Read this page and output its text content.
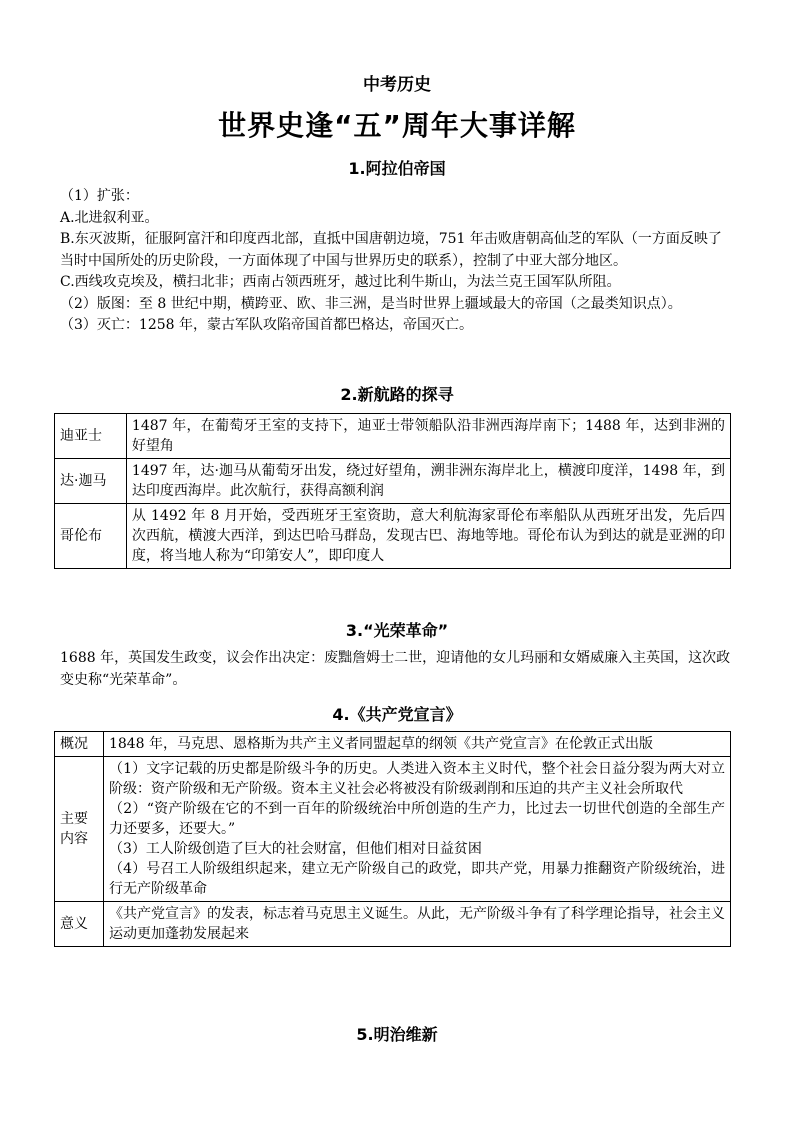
中考历史
世界史逢“五”周年大事详解
1.阿拉伯帝国

（1）扩张：

A.北进叙利亚。

B.东灭波斯，征服阿富汗和印度西北部，直抵中国唐朝边境，751 年击败唐朝高仙芝的军队（一方面反映了当时中国所处的历史阶段，一方面体现了中国与世界历史的联系），控制了中亚大部分地区。

C.西线攻克埃及，横扫北非；西南占领西班牙，越过比利牛斯山，为法兰克王国军队所阻。

（2）版图：至 8 世纪中期，横跨亚、欧、非三洲，是当时世界上疆域最大的帝国（之最类知识点）。

（3）灭亡：1258 年，蒙古军队攻陷帝国首都巴格达，帝国灭亡。

2.新航路的探寻
迪亚士	1487 年，在葡萄牙王室的支持下，迪亚士带领船队沿非洲西海岸南下；1488 年，达到非洲的好望角
达·迦马	1497 年，达·迦马从葡萄牙出发，绕过好望角，溯非洲东海岸北上，横渡印度洋，1498 年，到达印度西海岸。此次航行，获得高额利润
哥伦布	从 1492 年 8 月开始，受西班牙王室资助，意大利航海家哥伦布率船队从西班牙出发，先后四次西航，横渡大西洋，到达巴哈马群岛，发现古巴、海地等地。哥伦布认为到达的就是亚洲的印度，将当地人称为“印第安人”，即印度人
3.“光荣革命”

1688 年，英国发生政变，议会作出决定：废黜詹姆士二世，迎请他的女儿玛丽和女婿威廉入主英国，这次政变史称“光荣革命”。

4.《共产党宣言》
概况	1848 年，马克思、恩格斯为共产主义者同盟起草的纲领《共产党宣言》在伦敦正式出版
主要内容	（1）文字记载的历史都是阶级斗争的历史。人类进入资本主义时代，整个社会日益分裂为两大对立阶级：资产阶级和无产阶级。资本主义社会必将被没有阶级剥削和压迫的共产主义社会所取代
（2）“资产阶级在它的不到一百年的阶级统治中所创造的生产力，比过去一切世代创造的全部生产力还要多，还要大。”
（3）工人阶级创造了巨大的社会财富，但他们相对日益贫困
（4）号召工人阶级组织起来，建立无产阶级自己的政党，即共产党，用暴力推翻资产阶级统治，进行无产阶级革命

意义	《共产党宣言》的发表，标志着马克思主义诞生。从此，无产阶级斗争有了科学理论指导，社会主义运动更加蓬勃发展起来
5.明治维新
